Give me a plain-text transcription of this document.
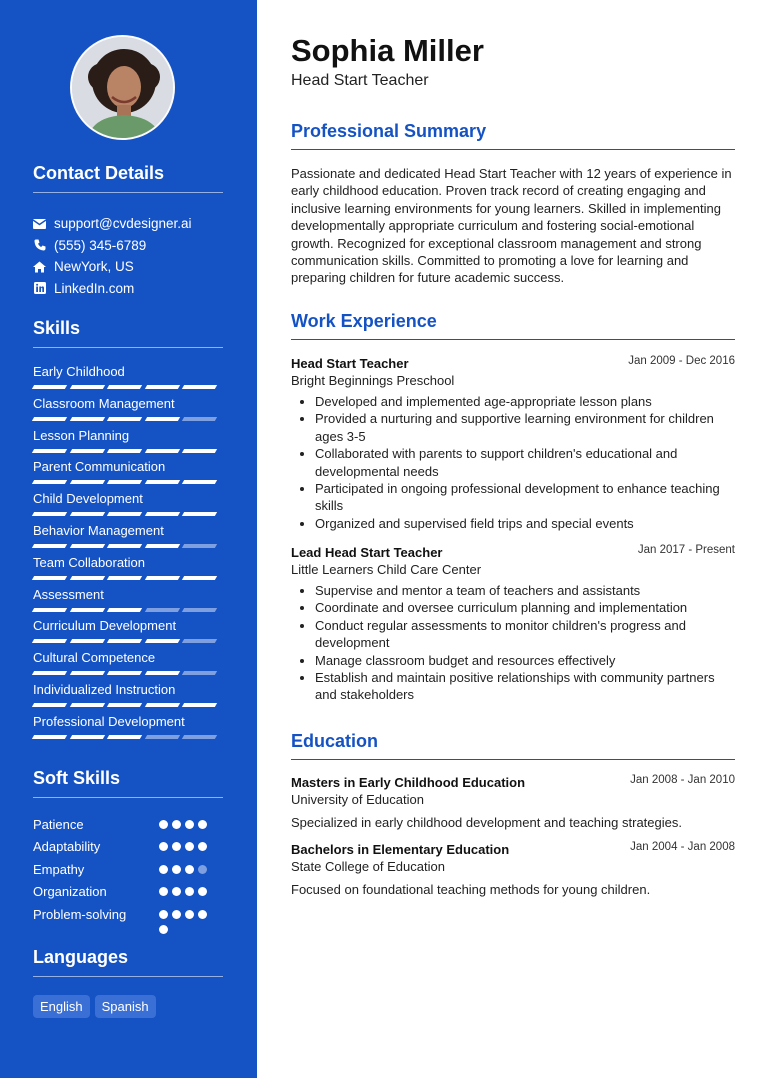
Contact Details
support@cvdesigner.ai
(555) 345-6789
NewYork, US
LinkedIn.com
Skills
Early Childhood
Classroom Management
Lesson Planning
Parent Communication
Child Development
Behavior Management
Team Collaboration
Assessment
Curriculum Development
Cultural Competence
Individualized Instruction
Professional Development
Soft Skills
Patience
Adaptability
Empathy
Organization
Problem-solving
Languages
English	Spanish
Sophia Miller
Head Start Teacher
Professional Summary

Passionate and dedicated Head Start Teacher with 12 years of experience in early childhood education. Proven track record of creating engaging and inclusive learning environments for young learners. Skilled in implementing developmentally appropriate curriculum and fostering social-emotional growth. Recognized for exceptional classroom management and strong communication skills. Committed to promoting a love for learning and preparing children for future academic success.

Work Experience
Head Start Teacher	Jan 2009 - Dec 2016
Bright Beginnings Preschool
• Developed and implemented age-appropriate lesson plans
• Provided a nurturing and supportive learning environment for children ages 3-5
• Collaborated with parents to support children's educational and developmental needs
• Participated in ongoing professional development to enhance teaching skills
• Organized and supervised field trips and special events
Lead Head Start Teacher	Jan 2017 - Present
Little Learners Child Care Center
• Supervise and mentor a team of teachers and assistants
• Coordinate and oversee curriculum planning and implementation
• Conduct regular assessments to monitor children's progress and development
• Manage classroom budget and resources effectively
• Establish and maintain positive relationships with community partners and stakeholders
Education
Masters in Early Childhood Education	Jan 2008 - Jan 2010
University of Education
Specialized in early childhood development and teaching strategies.
Bachelors in Elementary Education	Jan 2004 - Jan 2008
State College of Education
Focused on foundational teaching methods for young children.
